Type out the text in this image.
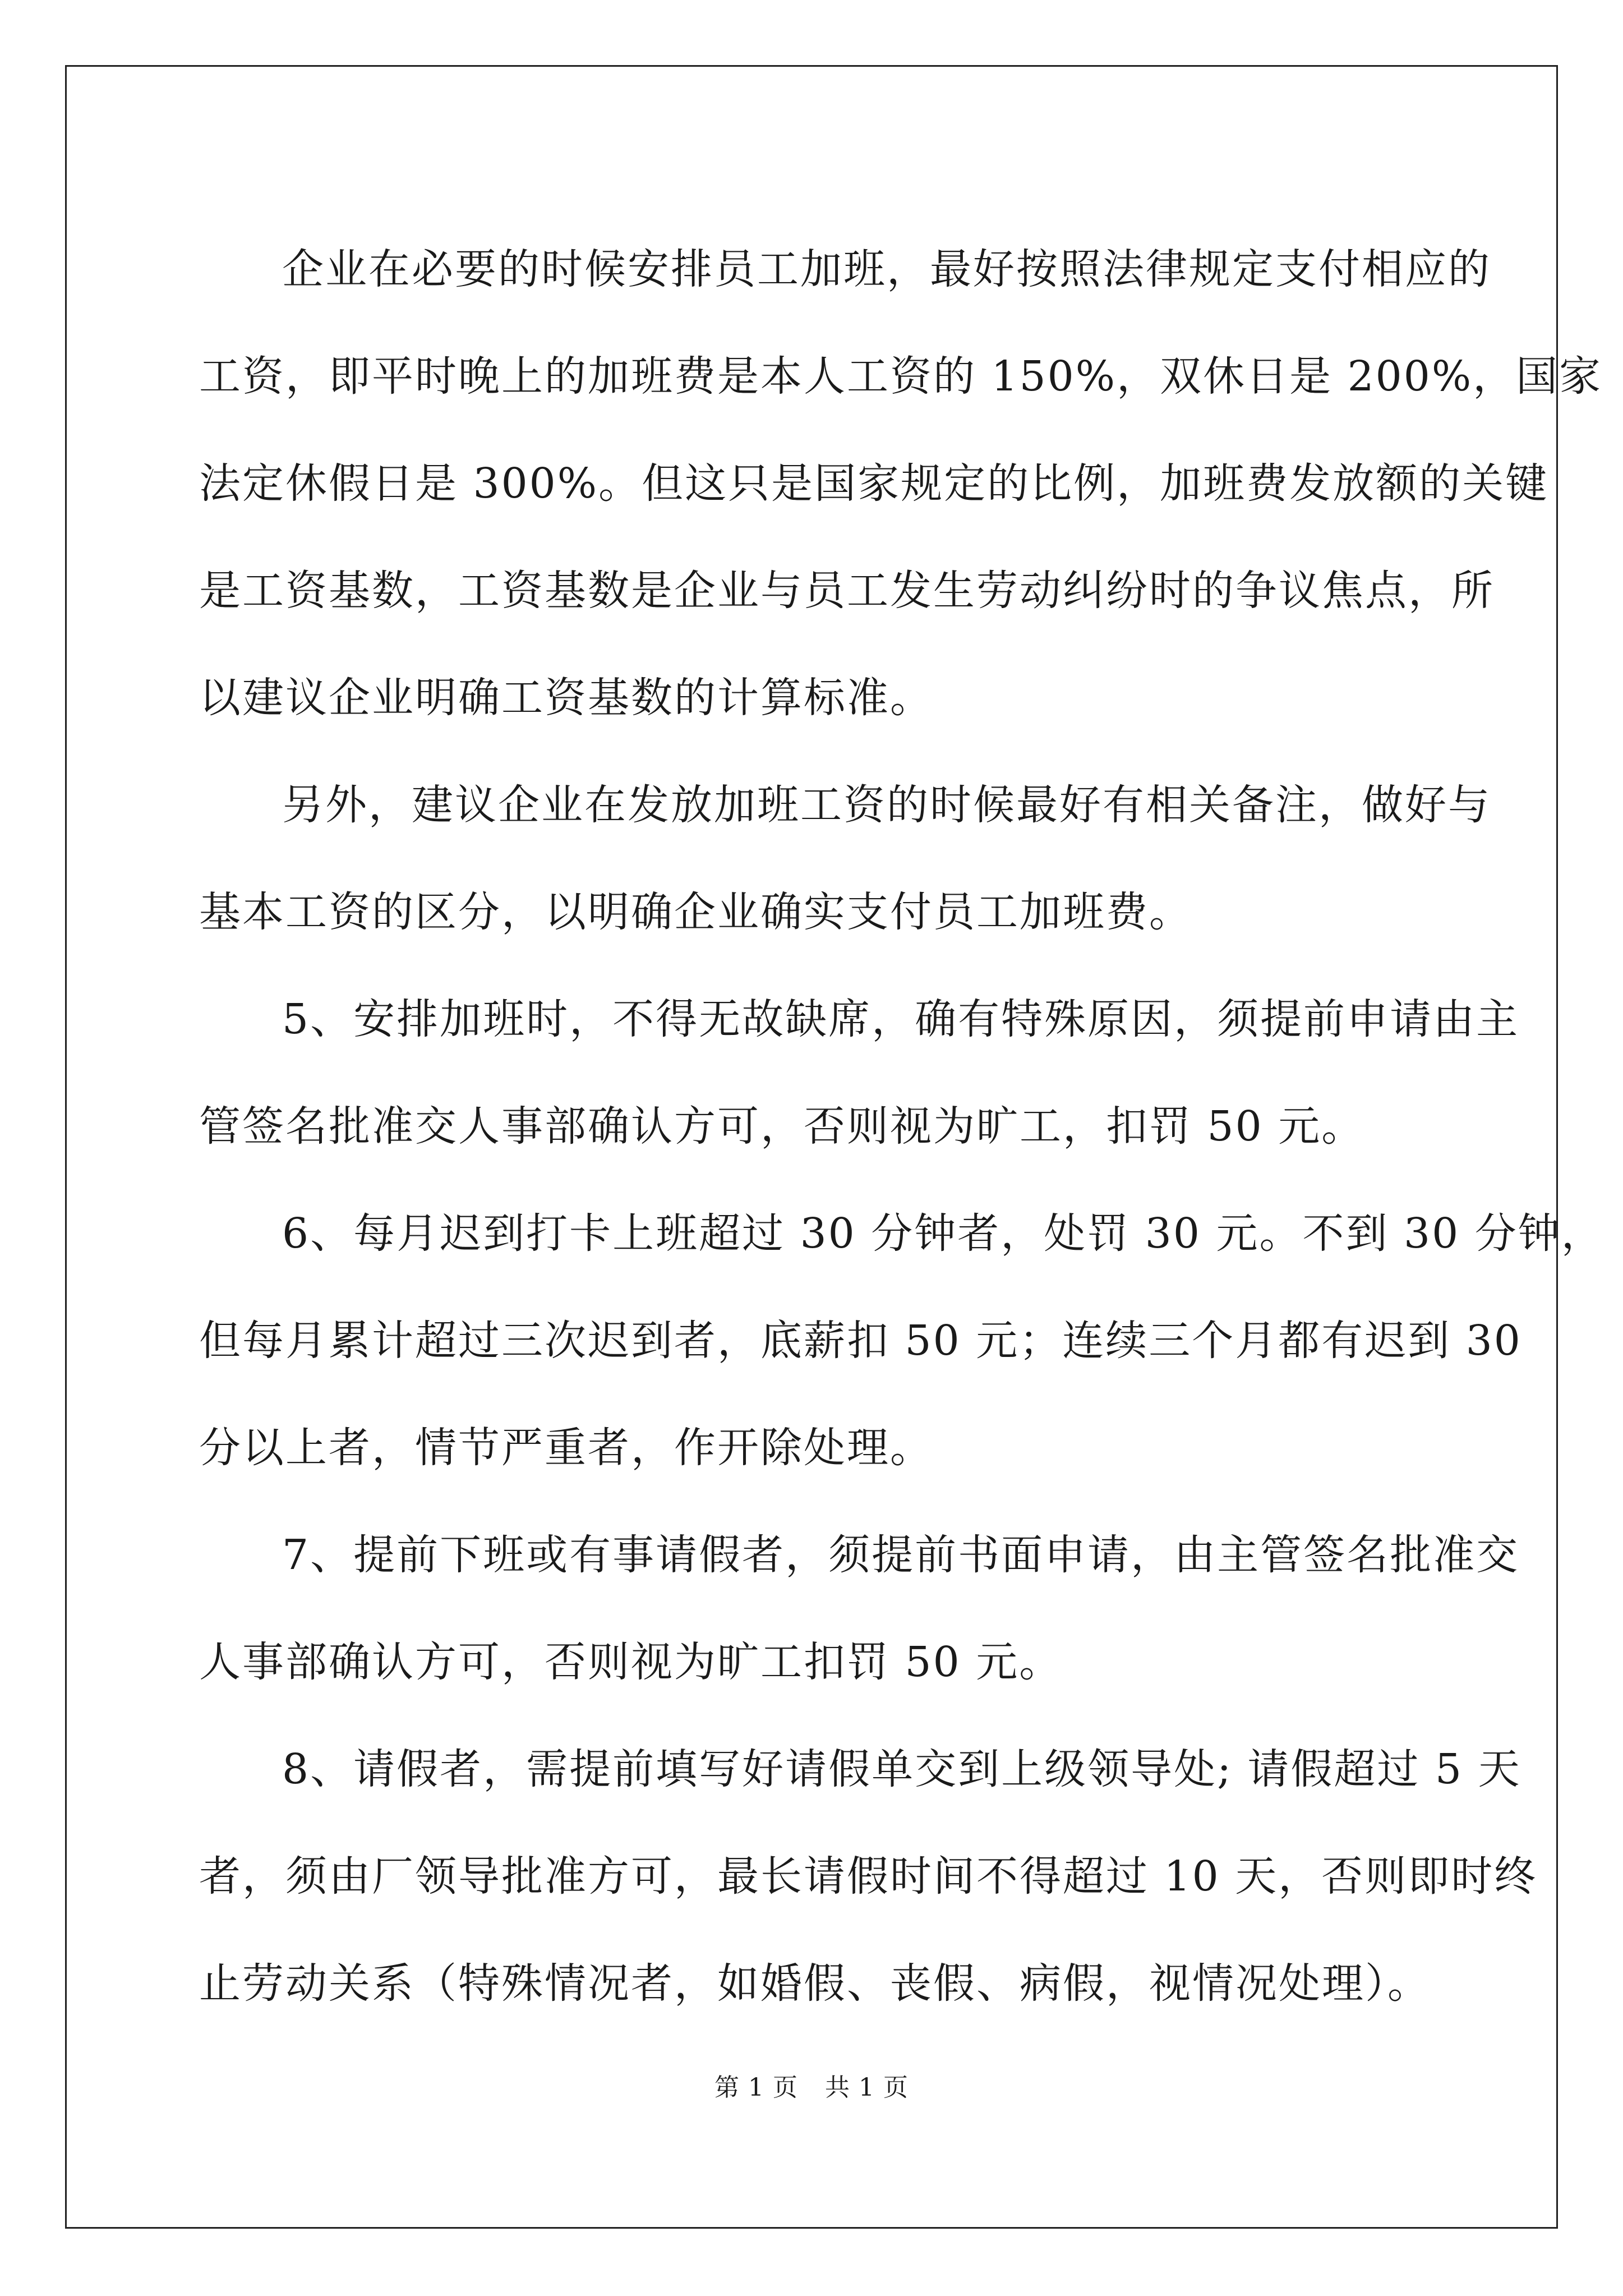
企业在必要的时候安排员工加班，最好按照法律规定支付相应的
工资，即平时晚上的加班费是本人工资的 150%，双休日是 200%，国家
法定休假日是 300%。但这只是国家规定的比例，加班费发放额的关键
是工资基数，工资基数是企业与员工发生劳动纠纷时的争议焦点，所
以建议企业明确工资基数的计算标准。

另外，建议企业在发放加班工资的时候最好有相关备注，做好与
基本工资的区分，以明确企业确实支付员工加班费。

5、安排加班时，不得无故缺席，确有特殊原因，须提前申请由主
管签名批准交人事部确认方可，否则视为旷工，扣罚 50 元。

6、每月迟到打卡上班超过 30 分钟者，处罚 30 元。不到 30 分钟，
但每月累计超过三次迟到者，底薪扣 50 元；连续三个月都有迟到 30
分以上者，情节严重者，作开除处理。

7、提前下班或有事请假者，须提前书面申请，由主管签名批准交
人事部确认方可，否则视为旷工扣罚 50 元。

8、请假者，需提前填写好请假单交到上级领导处; 请假超过 5 天
者，须由厂领导批准方可，最长请假时间不得超过 10 天，否则即时终
止劳动关系（特殊情况者，如婚假、丧假、病假，视情况处理）。

第 1 页 共 1 页
